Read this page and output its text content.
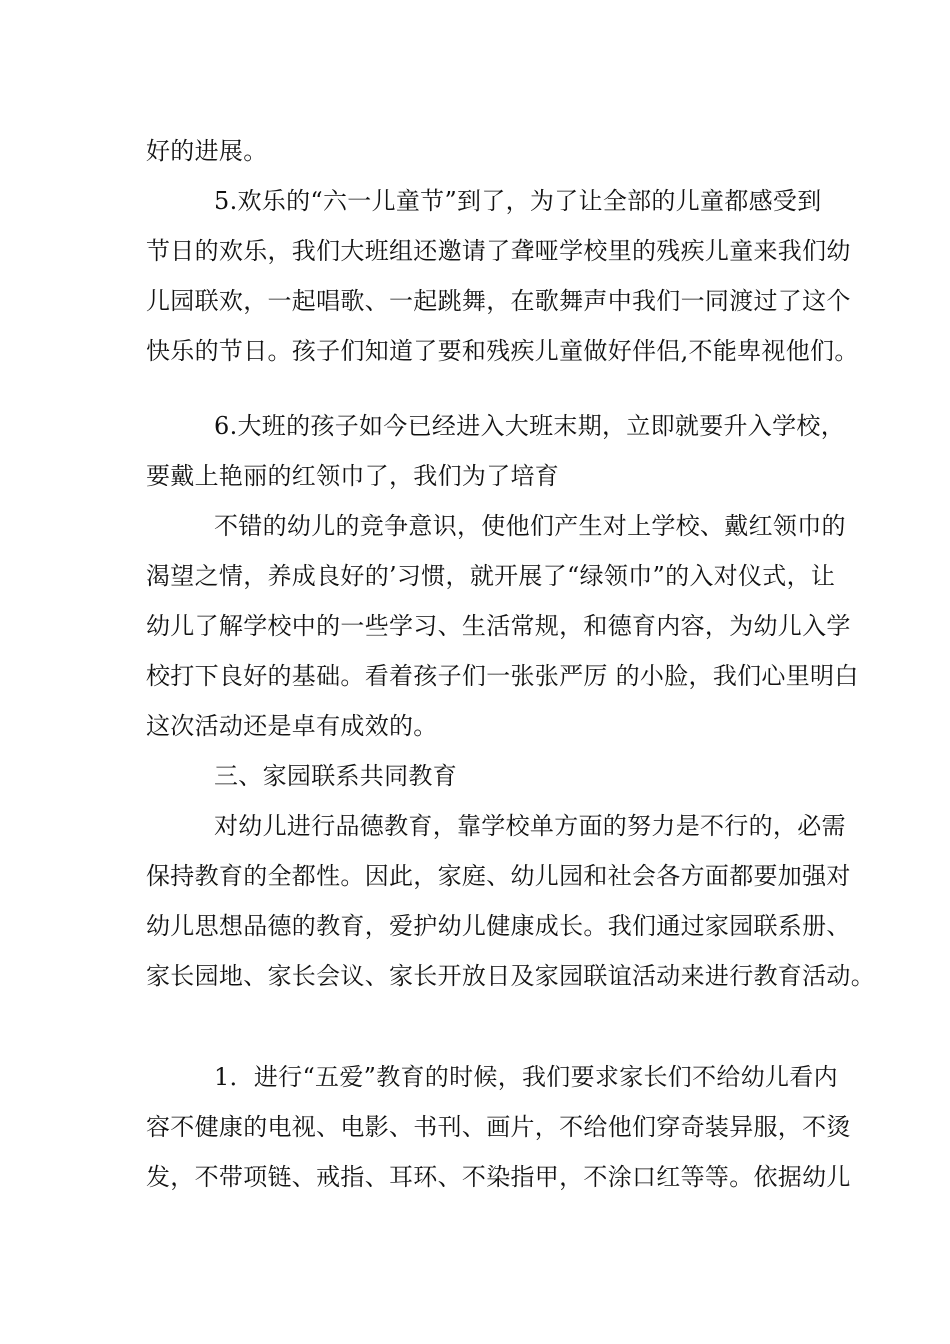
好的进展。
5.欢乐的“六一儿童节”到了，为了让全部的儿童都感受到
节日的欢乐，我们大班组还邀请了聋哑学校里的残疾儿童来我们幼
儿园联欢，一起唱歌、一起跳舞，在歌舞声中我们一同渡过了这个
快乐的节日。孩子们知道了要和残疾儿童做好伴侣,不能卑视他们。
6.大班的孩子如今已经进入大班末期，立即就要升入学校，
要戴上艳丽的红领巾了，我们为了培育
不错的幼儿的竞争意识，使他们产生对上学校、戴红领巾的
渴望之情，养成良好的’习惯，就开展了“绿领巾”的入对仪式，让
幼儿了解学校中的一些学习、生活常规，和德育内容，为幼儿入学
校打下良好的基础。看着孩子们一张张严厉 的小脸，我们心里明白
这次活动还是卓有成效的。
三、家园联系共同教育
对幼儿进行品德教育，靠学校单方面的努力是不行的，必需
保持教育的全都性。因此，家庭、幼儿园和社会各方面都要加强对
幼儿思想品德的教育，爱护幼儿健康成长。我们通过家园联系册、
家长园地、家长会议、家长开放日及家园联谊活动来进行教育活动。
1．进行“五爱”教育的时候，我们要求家长们不给幼儿看内
容不健康的电视、电影、书刊、画片，不给他们穿奇装异服，不烫
发，不带项链、戒指、耳环、不染指甲，不涂口红等等。依据幼儿
